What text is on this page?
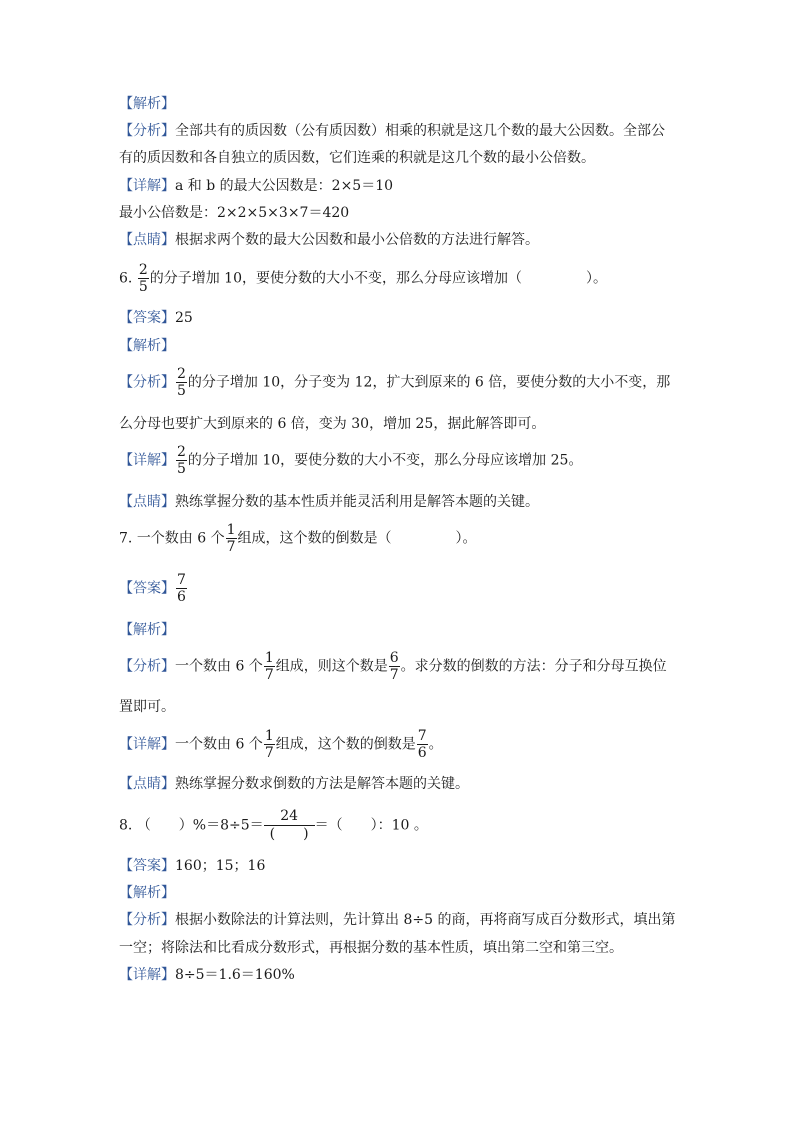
【解析】
【分析】全部共有的质因数（公有质因数）相乘的积就是这几个数的最大公因数。全部公
有的质因数和各自独立的质因数，它们连乘的积就是这几个数的最小公倍数。
【详解】a 和 b 的最大公因数是：2×5＝10
最小公倍数是：2×2×5×3×7＝420
【点睛】根据求两个数的最大公因数和最小公倍数的方法进行解答。
6. $\frac{2}{5}$ 的分子增加 10，要使分数的大小不变，那么分母应该增加（	）。
【答案】25
【解析】
【分析】 $\frac{2}{5}$ 的分子增加 10，分子变为 12，扩大到原来的 6 倍，要使分数的大小不变，那
么分母也要扩大到原来的 6 倍，变为 30，增加 25，据此解答即可。
【详解】 $\frac{2}{5}$ 的分子增加 10，要使分数的大小不变，那么分母应该增加 25。
【点睛】熟练掌握分数的基本性质并能灵活利用是解答本题的关键。
7. 一个数由 6 个 $\frac{1}{7}$ 组成，这个数的倒数是（	）。
【答案】 $\frac{7}{6}$
【解析】
【分析】一个数由 6 个 $\frac{1}{7}$ 组成，则这个数是 $\frac{6}{7}$ 。求分数的倒数的方法：分子和分母互换位
置即可。
【详解】一个数由 6 个 $\frac{1}{7}$ 组成，这个数的倒数是 $\frac{7}{6}$ 。
【点睛】熟练掌握分数求倒数的方法是解答本题的关键。
8. （　　）%＝8÷5＝
24
(　　)
＝（　　）：10 。
【答案】160；15；16
【解析】
【分析】根据小数除法的计算法则，先计算出 8÷5 的商，再将商写成百分数形式，填出第
一空；将除法和比看成分数形式，再根据分数的基本性质，填出第二空和第三空。
【详解】8÷5＝1.6＝160%
